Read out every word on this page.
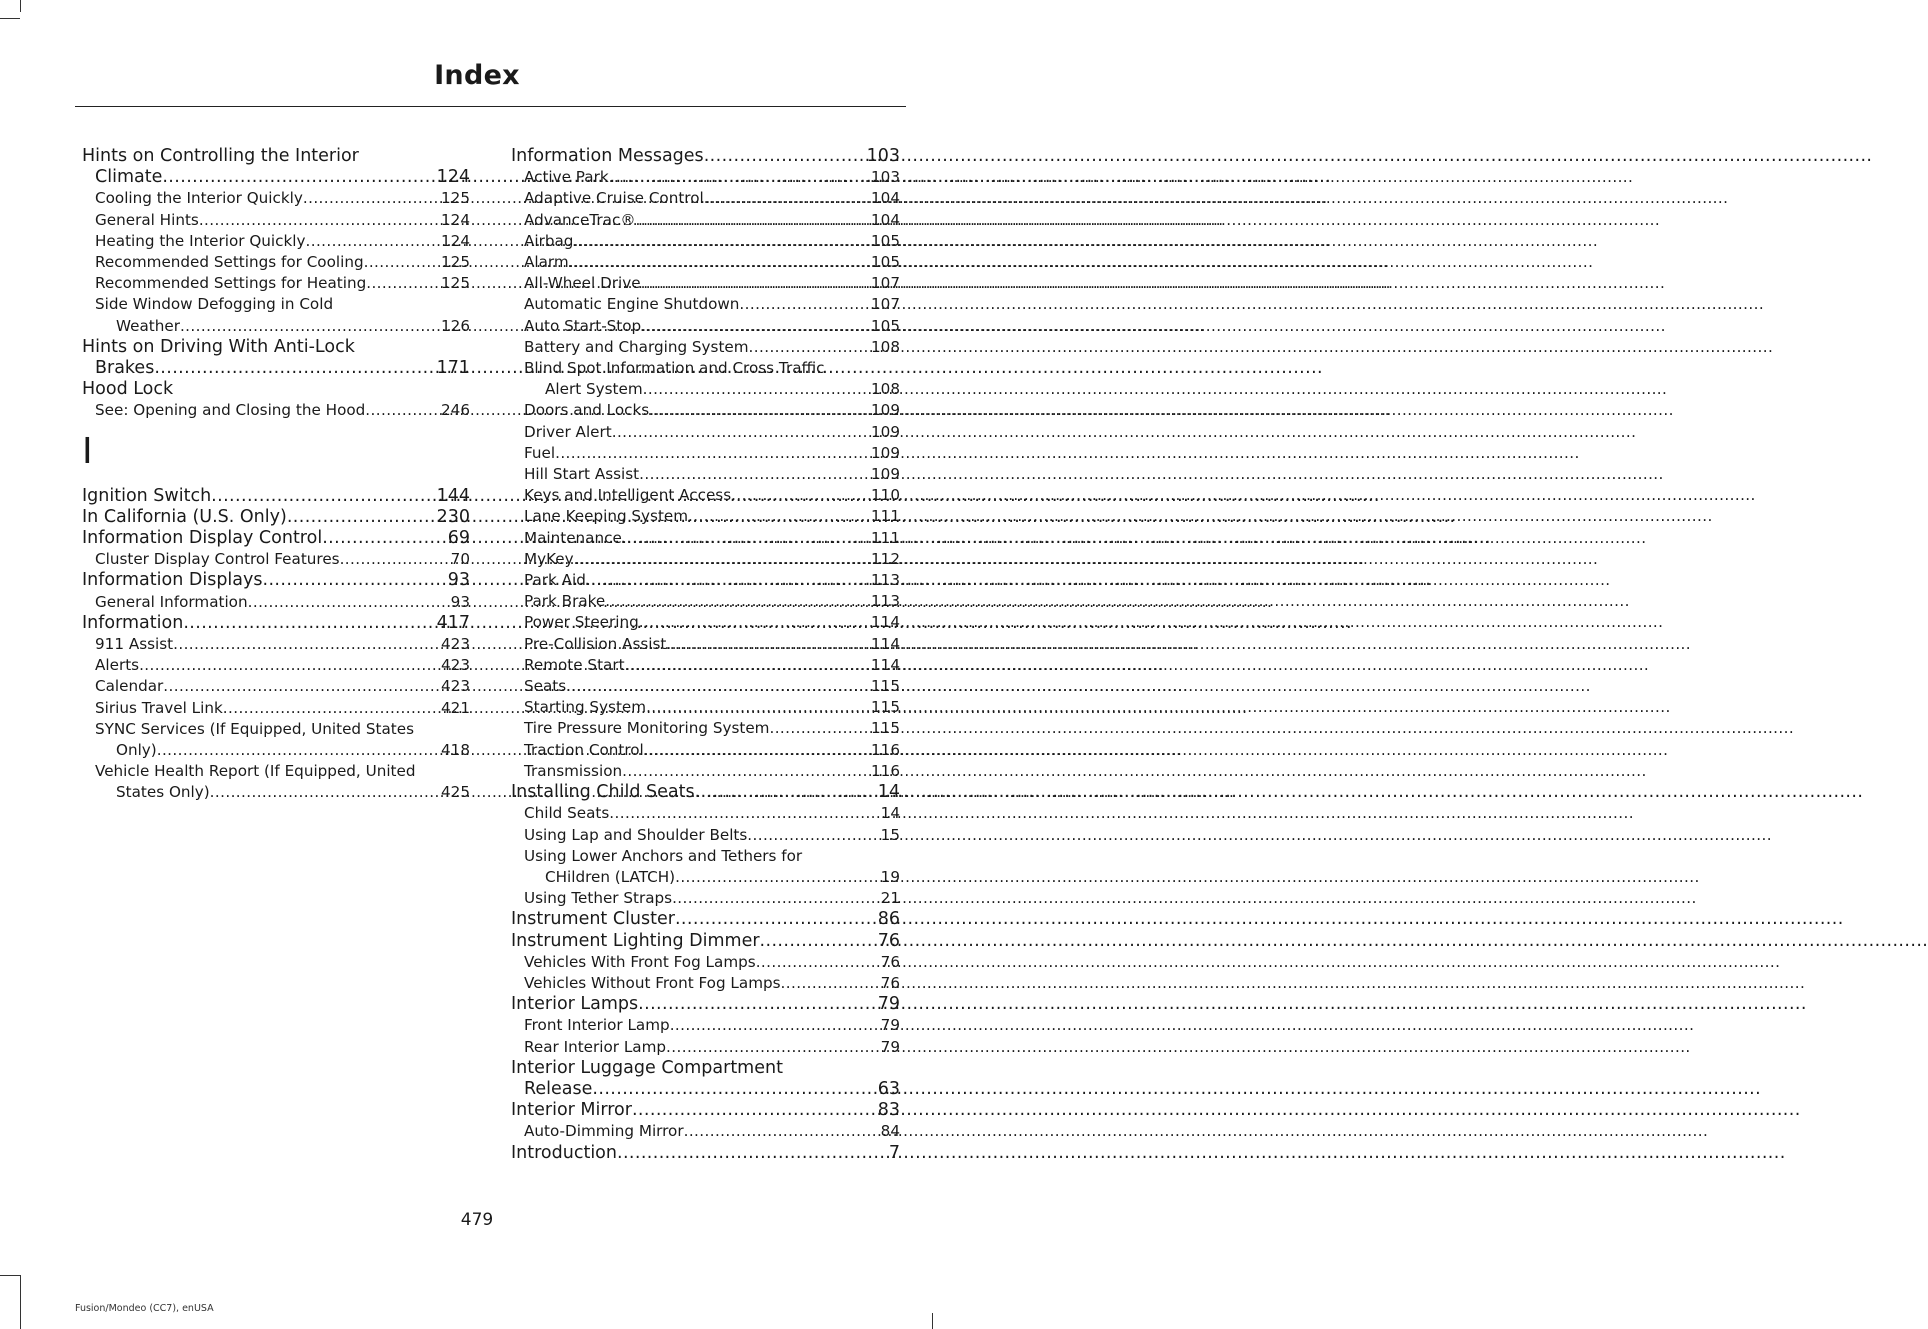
Index
Hints on Controlling the Interior
Climate .....	124
Cooling the Interior Quickly .....	125
General Hints .....	124
Heating the Interior Quickly .....	124
Recommended Settings for Cooling .....	125
Recommended Settings for Heating .....	125
Side Window Defogging in Cold
Weather .....	126
Hints on Driving With Anti-Lock
Brakes .....	171
Hood Lock
See: Opening and Closing the Hood .....	246
I
Ignition Switch .....	144
In California (U.S. Only) .....	230
Information Display Control .....	69
Cluster Display Control Features .....	70
Information Displays .....	93
General Information .....	93
Information .....	417
911 Assist .....	423
Alerts .....	423
Calendar .....	423
Sirius Travel Link .....	421
SYNC Services (If Equipped, United States
Only) .....	418
Vehicle Health Report (If Equipped, United
States Only) .....	425
Information Messages .....	103
Active Park .....	103
Adaptive Cruise Control .....	104
AdvanceTrac® .....	104
Airbag .....	105
Alarm .....	105
All-Wheel Drive .....	107
Automatic Engine Shutdown .....	107
Auto Start-Stop .....	105
Battery and Charging System .....	108
Blind Spot Information and Cross Traffic
Alert System .....	108
Doors and Locks .....	109
Driver Alert .....	109
Fuel .....	109
Hill Start Assist .....	109
Keys and Intelligent Access .....	110
Lane Keeping System .....	111
Maintenance .....	111
MyKey .....	112
Park Aid .....	113
Park Brake .....	113
Power Steering .....	114
Pre-Collision Assist .....	114
Remote Start .....	114
Seats .....	115
Starting System .....	115
Tire Pressure Monitoring System .....	115
Traction Control .....	116
Transmission .....	116
Installing Child Seats .....	14
Child Seats .....	14
Using Lap and Shoulder Belts .....	15
Using Lower Anchors and Tethers for
CHildren (LATCH) .....	19
Using Tether Straps .....	21
Instrument Cluster .....	86
Instrument Lighting Dimmer .....	76
Vehicles With Front Fog Lamps .....	76
Vehicles Without Front Fog Lamps .....	76
Interior Lamps .....	79
Front Interior Lamp .....	79
Rear Interior Lamp .....	79
Interior Luggage Compartment
Release .....	63
Interior Mirror .....	83
Auto-Dimming Mirror .....	84
Introduction .....	7
479
Fusion/Mondeo (CC7), enUSA
